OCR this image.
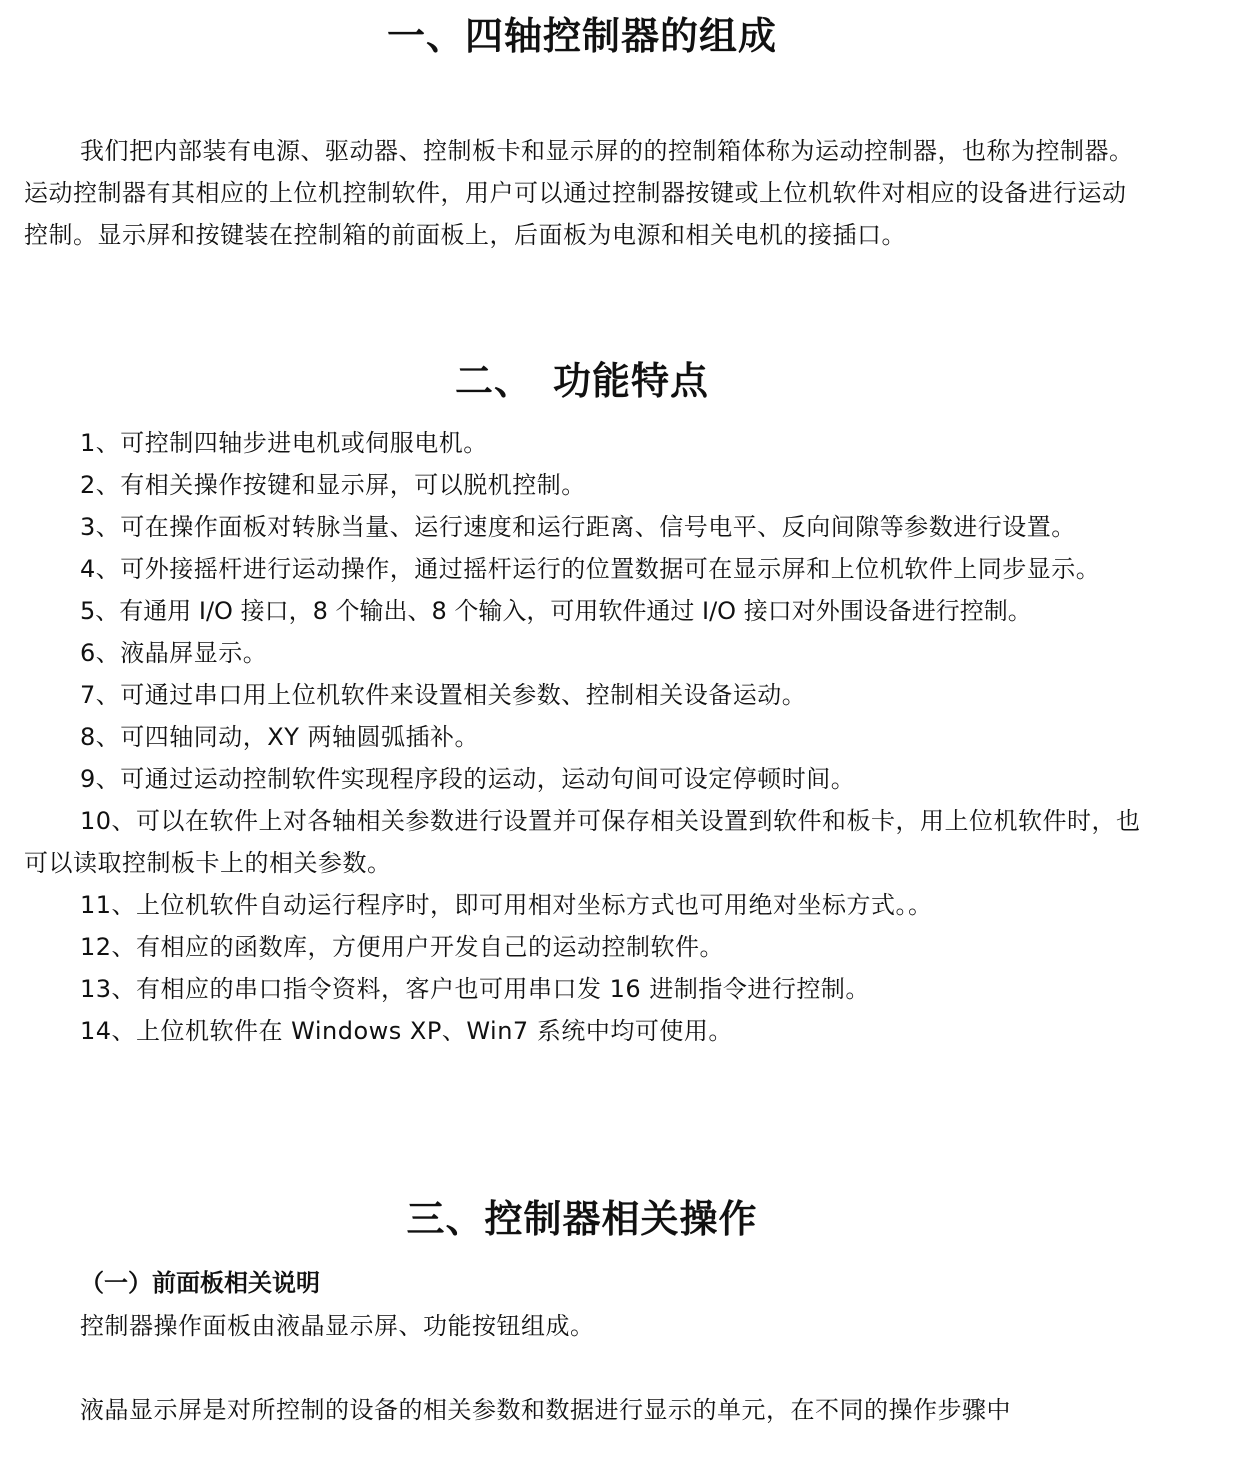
一、四轴控制器的组成

我们把内部装有电源、驱动器、控制板卡和显示屏的的控制箱体称为运动控制器，也称为控制器。运动控制器有其相应的上位机控制软件，用户可以通过控制器按键或上位机软件对相应的设备进行运动控制。显示屏和按键装在控制箱的前面板上，后面板为电源和相关电机的接插口。

二、　功能特点
1、可控制四轴步进电机或伺服电机。
2、有相关操作按键和显示屏，可以脱机控制。
3、可在操作面板对转脉当量、运行速度和运行距离、信号电平、反向间隙等参数进行设置。
4、可外接摇杆进行运动操作，通过摇杆运行的位置数据可在显示屏和上位机软件上同步显示。
5、有通用 I/O 接口，8 个输出、8 个输入，可用软件通过 I/O 接口对外围设备进行控制。
6、液晶屏显示。
7、可通过串口用上位机软件来设置相关参数、控制相关设备运动。
8、可四轴同动，XY 两轴圆弧插补。
9、可通过运动控制软件实现程序段的运动，运动句间可设定停顿时间。
10、可以在软件上对各轴相关参数进行设置并可保存相关设置到软件和板卡，用上位机软件时，也可以读取控制板卡上的相关参数。
11、上位机软件自动运行程序时，即可用相对坐标方式也可用绝对坐标方式。。
12、有相应的函数库，方便用户开发自己的运动控制软件。
13、有相应的串口指令资料，客户也可用串口发 16 进制指令进行控制。
14、上位机软件在 Windows XP、Win7 系统中均可使用。
三、控制器相关操作

（一）前面板相关说明

控制器操作面板由液晶显示屏、功能按钮组成。

液晶显示屏是对所控制的设备的相关参数和数据进行显示的单元，在不同的操作步骤中
